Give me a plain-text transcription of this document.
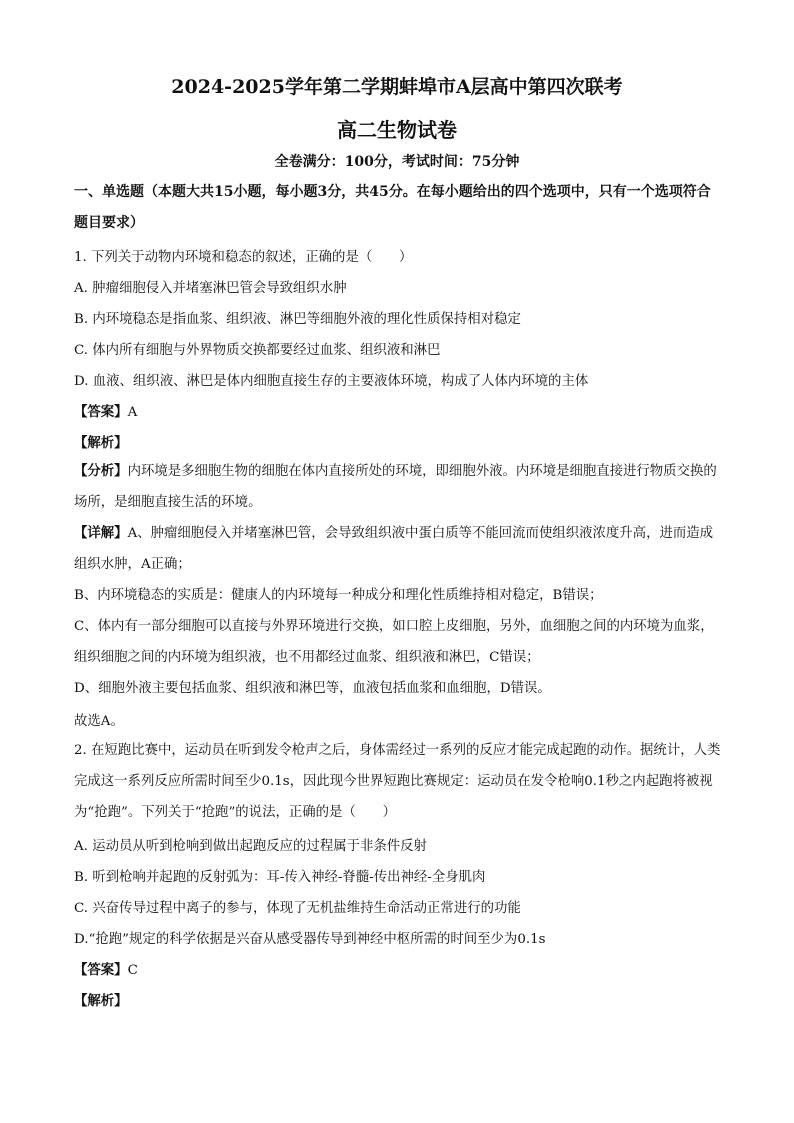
2024-2025学年第二学期蚌埠市A层高中第四次联考
高二生物试卷
全卷满分：100分，考试时间：75分钟
一、单选题（本题大共15小题，每小题3分，共45分。在每小题给出的四个选项中，只有一个选项符合题目要求）
1. 下列关于动物内环境和稳态的叙述，正确的是（　　）
A. 肿瘤细胞侵入并堵塞淋巴管会导致组织水肿
B. 内环境稳态是指血浆、组织液、淋巴等细胞外液的理化性质保持相对稳定
C. 体内所有细胞与外界物质交换都要经过血浆、组织液和淋巴
D. 血液、组织液、淋巴是体内细胞直接生存的主要液体环境，构成了人体内环境的主体
【答案】A
【解析】
【分析】内环境是多细胞生物的细胞在体内直接所处的环境，即细胞外液。内环境是细胞直接进行物质交换的场所，是细胞直接生活的环境。
【详解】A、肿瘤细胞侵入并堵塞淋巴管，会导致组织液中蛋白质等不能回流而使组织液浓度升高，进而造成组织水肿，A正确；
B、内环境稳态的实质是：健康人的内环境每一种成分和理化性质维持相对稳定，B错误；
C、体内有一部分细胞可以直接与外界环境进行交换，如口腔上皮细胞，另外，血细胞之间的内环境为血浆，组织细胞之间的内环境为组织液，也不用都经过血浆、组织液和淋巴，C错误；
D、细胞外液主要包括血浆、组织液和淋巴等，血液包括血浆和血细胞，D错误。
故选A。
2. 在短跑比赛中，运动员在听到发令枪声之后，身体需经过一系列的反应才能完成起跑的动作。据统计，人类完成这一系列反应所需时间至少0.1s，因此现今世界短跑比赛规定：运动员在发令枪响0.1秒之内起跑将被视为“抢跑”。下列关于“抢跑”的说法，正确的是（　　）
A. 运动员从听到枪响到做出起跑反应的过程属于非条件反射
B. 听到枪响并起跑的反射弧为：耳-传入神经-脊髓-传出神经-全身肌肉
C. 兴奋传导过程中离子的参与，体现了无机盐维持生命活动正常进行的功能
D.“抢跑”规定的科学依据是兴奋从感受器传导到神经中枢所需的时间至少为0.1s
【答案】C
【解析】
